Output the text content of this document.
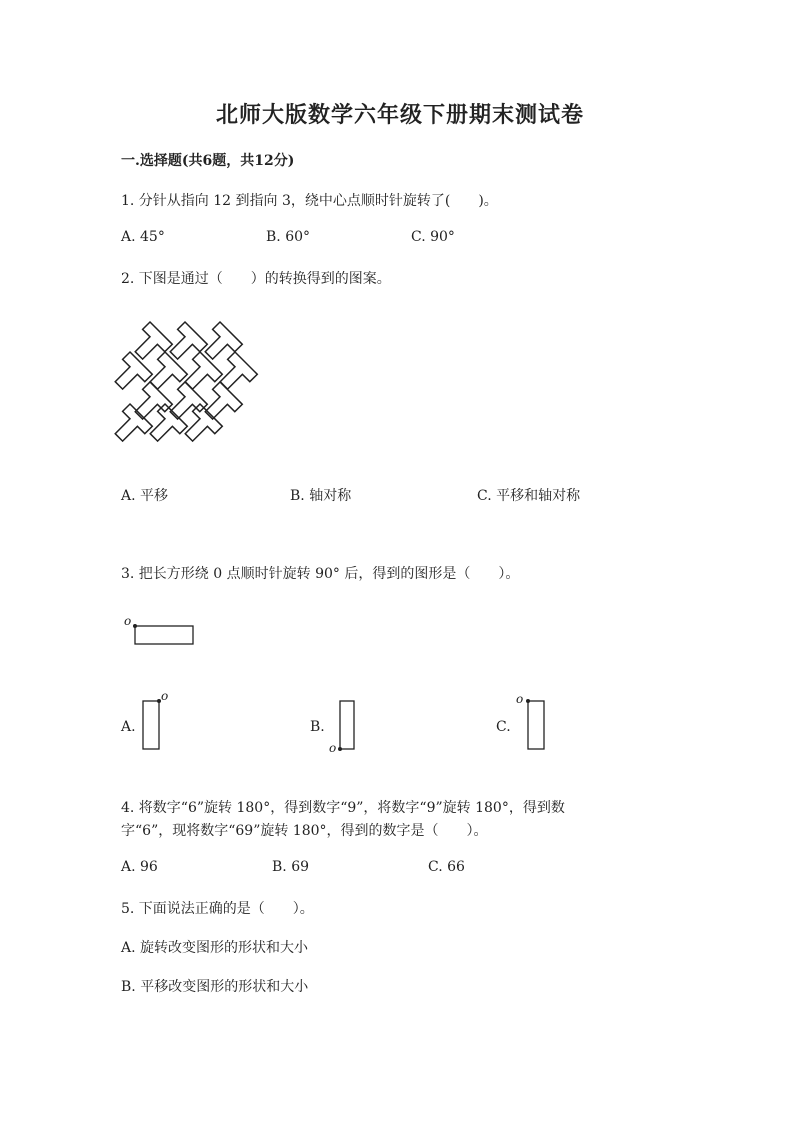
北师大版数学六年级下册期末测试卷
一.选择题(共6题，共12分)
1. 分针从指向 12 到指向 3，绕中心点顺时针旋转了(　　)。
A. 45°	B. 60°	C. 90°
2. 下图是通过（　　）的转换得到的图案。
A. 平移	B. 轴对称	C. 平移和轴对称
3. 把长方形绕 0 点顺时针旋转 90° 后，得到的图形是（　　）。
o
o
o
o
A.	B.	C.
4. 将数字“6”旋转 180°，得到数字“9”，将数字“9”旋转 180°，得到数
字“6”，现将数字“69”旋转 180°，得到的数字是（　　）。
A. 96	B. 69	C. 66
5. 下面说法正确的是（　　）。
A. 旋转改变图形的形状和大小
B. 平移改变图形的形状和大小
